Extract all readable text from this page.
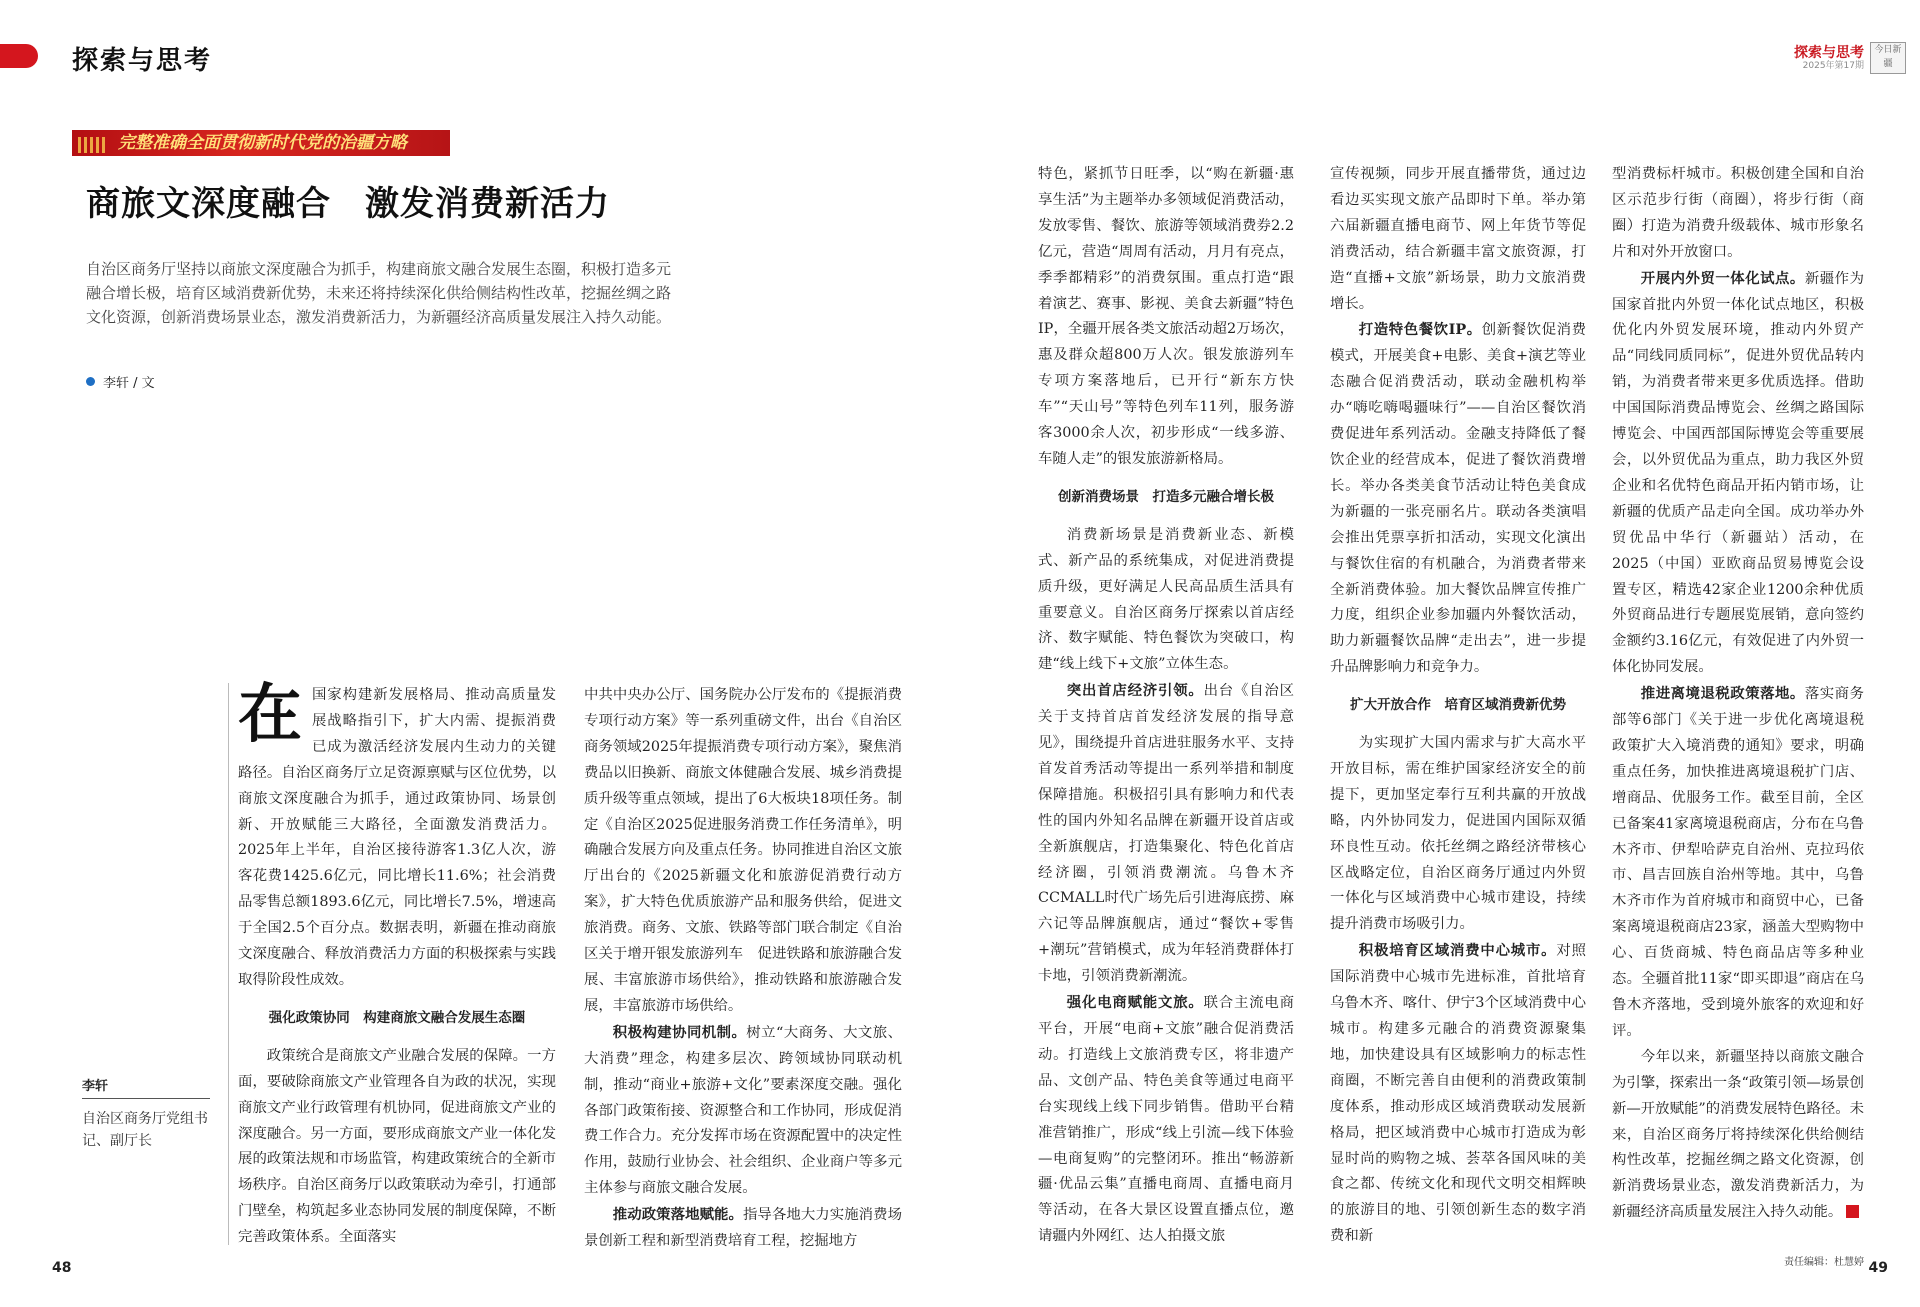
探索与思考	探索与思考
2025年第17期
今日新疆
完整准确全面贯彻新时代党的治疆方略
商旅文深度融合 激发消费新活力
自治区商务厅坚持以商旅文深度融合为抓手，构建商旅文融合发展生态圈，积极打造多元融合增长极，培育区域消费新优势，未来还将持续深化供给侧结构性改革，挖掘丝绸之路文化资源，创新消费场景业态，激发消费新活力，为新疆经济高质量发展注入持久动能。
李轩 / 文
李轩
自治区商务厅党组书记、副厅长
在 国家构建新发展格局、推动高质量发展战略指引下，扩大内需、提振消费已成为激活经济发展内生动力的关键路径。自治区商务厅立足资源禀赋与区位优势，以商旅文深度融合为抓手，通过政策协同、场景创新、开放赋能三大路径，全面激发消费活力。2025年上半年，自治区接待游客1.3亿人次，游客花费1425.6亿元，同比增长11.6%；社会消费品零售总额1893.6亿元，同比增长7.5%，增速高于全国2.5个百分点。数据表明，新疆在推动商旅文深度融合、释放消费活力方面的积极探索与实践取得阶段性成效。

强化政策协同　构建商旅文融合发展生态圈

政策统合是商旅文产业融合发展的保障。一方面，要破除商旅文产业管理各自为政的状况，实现商旅文产业行政管理有机协同，促进商旅文产业的深度融合。另一方面，要形成商旅文产业一体化发展的政策法规和市场监管，构建政策统合的全新市场秩序。自治区商务厅以政策联动为牵引，打通部门壁垒，构筑起多业态协同发展的制度保障，不断完善政策体系。全面落实

中共中央办公厅、国务院办公厅发布的《提振消费专项行动方案》等一系列重磅文件，出台《自治区商务领域2025年提振消费专项行动方案》，聚焦消费品以旧换新、商旅文体健融合发展、城乡消费提质升级等重点领域，提出了6大板块18项任务。制定《自治区2025促进服务消费工作任务清单》，明确融合发展方向及重点任务。协同推进自治区文旅厅出台的《2025新疆文化和旅游促消费行动方案》，扩大特色优质旅游产品和服务供给，促进文旅消费。商务、文旅、铁路等部门联合制定《自治区关于增开银发旅游列车　促进铁路和旅游融合发展、丰富旅游市场供给》，推动铁路和旅游融合发展，丰富旅游市场供给。

积极构建协同机制。树立“大商务、大文旅、大消费”理念，构建多层次、跨领域协同联动机制，推动“商业+旅游+文化”要素深度交融。强化各部门政策衔接、资源整合和工作协同，形成促消费工作合力。充分发挥市场在资源配置中的决定性作用，鼓励行业协会、社会组织、企业商户等多元主体参与商旅文融合发展。

推动政策落地赋能。指导各地大力实施消费场景创新工程和新型消费培育工程，挖掘地方

特色，紧抓节日旺季，以“购在新疆·惠享生活”为主题举办多领域促消费活动，发放零售、餐饮、旅游等领域消费券2.2亿元，营造“周周有活动，月月有亮点，季季都精彩”的消费氛围。重点打造“跟着演艺、赛事、影视、美食去新疆”特色IP，全疆开展各类文旅活动超2万场次，惠及群众超800万人次。银发旅游列车专项方案落地后，已开行“新东方快车”“天山号”等特色列车11列，服务游客3000余人次，初步形成“一线多游、车随人走”的银发旅游新格局。

创新消费场景　打造多元融合增长极

消费新场景是消费新业态、新模式、新产品的系统集成，对促进消费提质升级，更好满足人民高品质生活具有重要意义。自治区商务厅探索以首店经济、数字赋能、特色餐饮为突破口，构建“线上线下+文旅”立体生态。

突出首店经济引领。出台《自治区关于支持首店首发经济发展的指导意见》，围绕提升首店进驻服务水平、支持首发首秀活动等提出一系列举措和制度保障措施。积极招引具有影响力和代表性的国内外知名品牌在新疆开设首店或全新旗舰店，打造集聚化、特色化首店经济圈，引领消费潮流。乌鲁木齐CCMALL时代广场先后引进海底捞、麻六记等品牌旗舰店，通过“餐饮+零售+潮玩”营销模式，成为年轻消费群体打卡地，引领消费新潮流。

强化电商赋能文旅。联合主流电商平台，开展“电商+文旅”融合促消费活动。打造线上文旅消费专区，将非遗产品、文创产品、特色美食等通过电商平台实现线上线下同步销售。借助平台精准营销推广，形成“线上引流—线下体验—电商复购”的完整闭环。推出“畅游新疆·优品云集”直播电商周、直播电商月等活动，在各大景区设置直播点位，邀请疆内外网红、达人拍摄文旅

宣传视频，同步开展直播带货，通过边看边买实现文旅产品即时下单。举办第六届新疆直播电商节、网上年货节等促消费活动，结合新疆丰富文旅资源，打造“直播+文旅”新场景，助力文旅消费增长。

打造特色餐饮IP。创新餐饮促消费模式，开展美食+电影、美食+演艺等业态融合促消费活动，联动金融机构举办“嗨吃嗨喝疆味行”——自治区餐饮消费促进年系列活动。金融支持降低了餐饮企业的经营成本，促进了餐饮消费增长。举办各类美食节活动让特色美食成为新疆的一张亮丽名片。联动各类演唱会推出凭票享折扣活动，实现文化演出与餐饮住宿的有机融合，为消费者带来全新消费体验。加大餐饮品牌宣传推广力度，组织企业参加疆内外餐饮活动，助力新疆餐饮品牌“走出去”，进一步提升品牌影响力和竞争力。

扩大开放合作　培育区域消费新优势

为实现扩大国内需求与扩大高水平开放目标，需在维护国家经济安全的前提下，更加坚定奉行互利共赢的开放战略，内外协同发力，促进国内国际双循环良性互动。依托丝绸之路经济带核心区战略定位，自治区商务厅通过内外贸一体化与区域消费中心城市建设，持续提升消费市场吸引力。

积极培育区域消费中心城市。对照国际消费中心城市先进标准，首批培育乌鲁木齐、喀什、伊宁3个区域消费中心城市。构建多元融合的消费资源聚集地，加快建设具有区域影响力的标志性商圈，不断完善自由便利的消费政策制度体系，推动形成区域消费联动发展新格局，把区域消费中心城市打造成为彰显时尚的购物之城、荟萃各国风味的美食之都、传统文化和现代文明交相辉映的旅游目的地、引领创新生态的数字消费和新

型消费标杆城市。积极创建全国和自治区示范步行街（商圈），将步行街（商圈）打造为消费升级载体、城市形象名片和对外开放窗口。

开展内外贸一体化试点。新疆作为国家首批内外贸一体化试点地区，积极优化内外贸发展环境，推动内外贸产品“同线同质同标”，促进外贸优品转内销，为消费者带来更多优质选择。借助中国国际消费品博览会、丝绸之路国际博览会、中国西部国际博览会等重要展会，以外贸优品为重点，助力我区外贸企业和名优特色商品开拓内销市场，让新疆的优质产品走向全国。成功举办外贸优品中华行（新疆站）活动，在2025（中国）亚欧商品贸易博览会设置专区，精选42家企业1200余种优质外贸商品进行专题展览展销，意向签约金额约3.16亿元，有效促进了内外贸一体化协同发展。

推进离境退税政策落地。落实商务部等6部门《关于进一步优化离境退税政策扩大入境消费的通知》要求，明确重点任务，加快推进离境退税扩门店、增商品、优服务工作。截至目前，全区已备案41家离境退税商店，分布在乌鲁木齐市、伊犁哈萨克自治州、克拉玛依市、昌吉回族自治州等地。其中，乌鲁木齐市作为首府城市和商贸中心，已备案离境退税商店23家，涵盖大型购物中心、百货商城、特色商品店等多种业态。全疆首批11家“即买即退”商店在乌鲁木齐落地，受到境外旅客的欢迎和好评。

今年以来，新疆坚持以商旅文融合为引擎，探索出一条“政策引领—场景创新—开放赋能”的消费发展特色路径。未来，自治区商务厅将持续深化供给侧结构性改革，挖掘丝绸之路文化资源，创新消费场景业态，激发消费新活力，为新疆经济高质量发展注入持久动能。

责任编辑：杜慧婷
48	49
